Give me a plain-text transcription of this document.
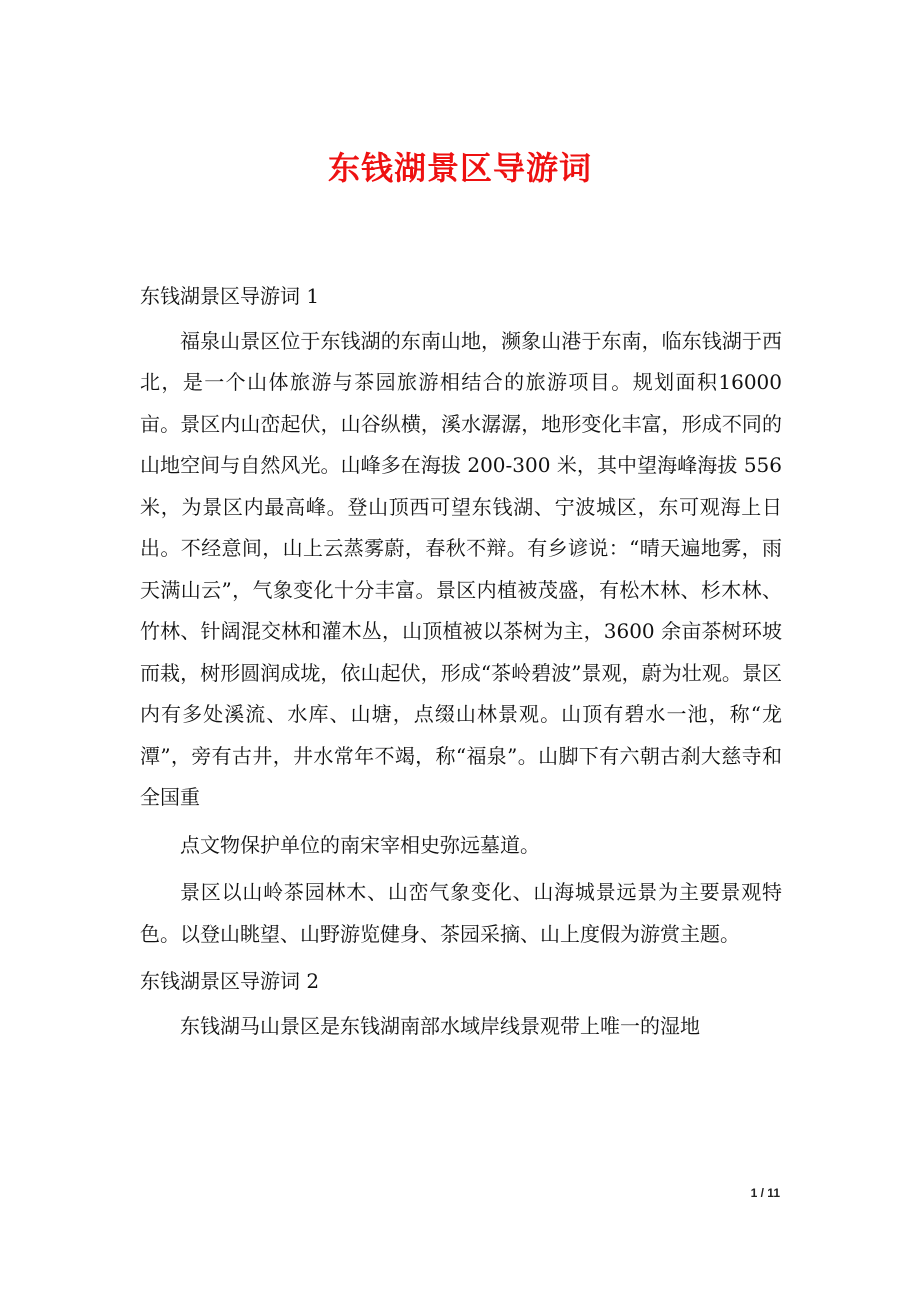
东钱湖景区导游词

东钱湖景区导游词 1

福泉山景区位于东钱湖的东南山地，濒象山港于东南，临东钱湖于西北，是一个山体旅游与茶园旅游相结合的旅游项目。规划面积16000 亩。景区内山峦起伏，山谷纵横，溪水潺潺，地形变化丰富，形成不同的山地空间与自然风光。山峰多在海拔 200-300 米，其中望海峰海拔 556 米，为景区内最高峰。登山顶西可望东钱湖、宁波城区，东可观海上日出。不经意间，山上云蒸雾蔚，春秋不辩。有乡谚说：“晴天遍地雾，雨天满山云”，气象变化十分丰富。景区内植被茂盛，有松木林、杉木林、竹林、针阔混交林和灌木丛，山顶植被以茶树为主，3600 余亩茶树环坡而栽，树形圆润成垅，依山起伏，形成“茶岭碧波”景观，蔚为壮观。景区内有多处溪流、水库、山塘，点缀山林景观。山顶有碧水一池，称“龙潭”，旁有古井，井水常年不竭，称“福泉”。山脚下有六朝古刹大慈寺和全国重

点文物保护单位的南宋宰相史弥远墓道。

景区以山岭茶园林木、山峦气象变化、山海城景远景为主要景观特色。以登山眺望、山野游览健身、茶园采摘、山上度假为游赏主题。

东钱湖景区导游词 2

东钱湖马山景区是东钱湖南部水域岸线景观带上唯一的湿地

1 / 11
